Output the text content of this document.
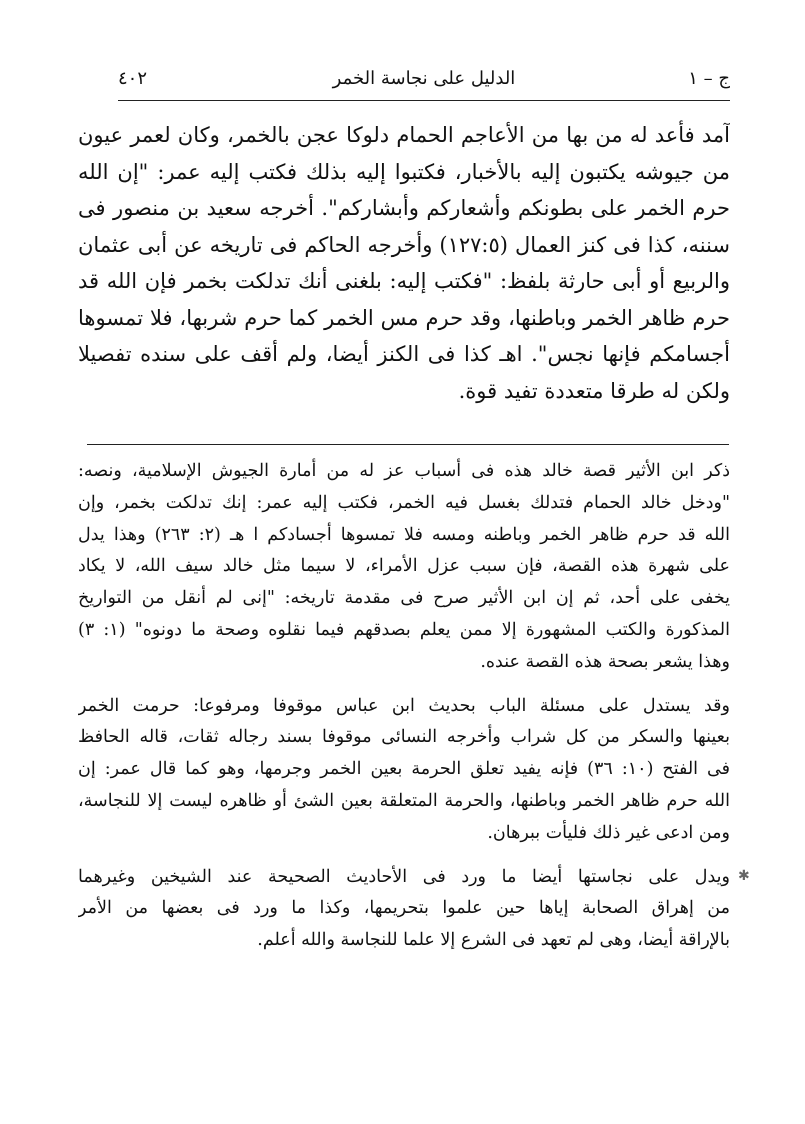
ج – ١
الدليل على نجاسة الخمر
٤٠٢

آمد فأعد له من بها من الأعاجم الحمام دلوكا عجن بالخمر، وكان لعمر عيون
من جيوشه يكتبون إليه بالأخبار، فكتبوا إليه بذلك فكتب إليه عمر: "إن الله
حرم الخمر على بطونكم وأشعاركم وأبشاركم". أخرجه سعيد بن منصور فى
سننه، كذا فى كنز العمال (١٢٧:٥) وأخرجه الحاكم فى تاريخه عن أبى عثمان
والربيع أو أبى حارثة بلفظ: "فكتب إليه: بلغنى أنك تدلكت بخمر فإن الله قد
حرم ظاهر الخمر وباطنها، وقد حرم مس الخمر كما حرم شربها، فلا تمسوها
أجسامكم فإنها نجس". اهـ كذا فى الكنز أيضا، ولم أقف على سنده تفصيلا
ولكن له طرقا متعددة تفيد قوة.

ذكر ابن الأثير قصة خالد هذه فى أسباب عز له من أمارة الجيوش الإسلامية، ونصه:
"ودخل خالد الحمام فتدلك بغسل فيه الخمر، فكتب إليه عمر: إنك تدلكت بخمر، وإن
الله قد حرم ظاهر الخمر وباطنه ومسه فلا تمسوها أجسادكم ا هـ (٢: ٢٦٣) وهذا يدل
على شهرة هذه القصة، فإن سبب عزل الأمراء، لا سيما مثل خالد سيف الله، لا يكاد
يخفى على أحد، ثم إن ابن الأثير صرح فى مقدمة تاريخه: "إنى لم أنقل من التواريخ
المذكورة والكتب المشهورة إلا ممن يعلم بصدقهم فيما نقلوه وصحة ما دونوه" (١: ٣)
وهذا يشعر بصحة هذه القصة عنده.
وقد يستدل على مسئلة الباب بحديث ابن عباس موقوفا ومرفوعا: حرمت الخمر
بعينها والسكر من كل شراب وأخرجه النسائى موقوفا بسند رجاله ثقات، قاله الحافظ
فى الفتح (١٠: ٣٦) فإنه يفيد تعلق الحرمة بعين الخمر وجرمها، وهو كما قال عمر: إن
الله حرم ظاهر الخمر وباطنها، والحرمة المتعلقة بعين الشئ أو ظاهره ليست إلا للنجاسة،
ومن ادعى غير ذلك فليأت ببرهان.
ويدل على نجاستها أيضا ما ورد فى الأحاديث الصحيحة عند الشيخين وغيرهما
من إهراق الصحابة إياها حين علموا بتحريمها، وكذا ما ورد فى بعضها من الأمر
بالإراقة أيضا، وهى لم تعهد فى الشرع إلا علما للنجاسة والله أعلم.
✱
